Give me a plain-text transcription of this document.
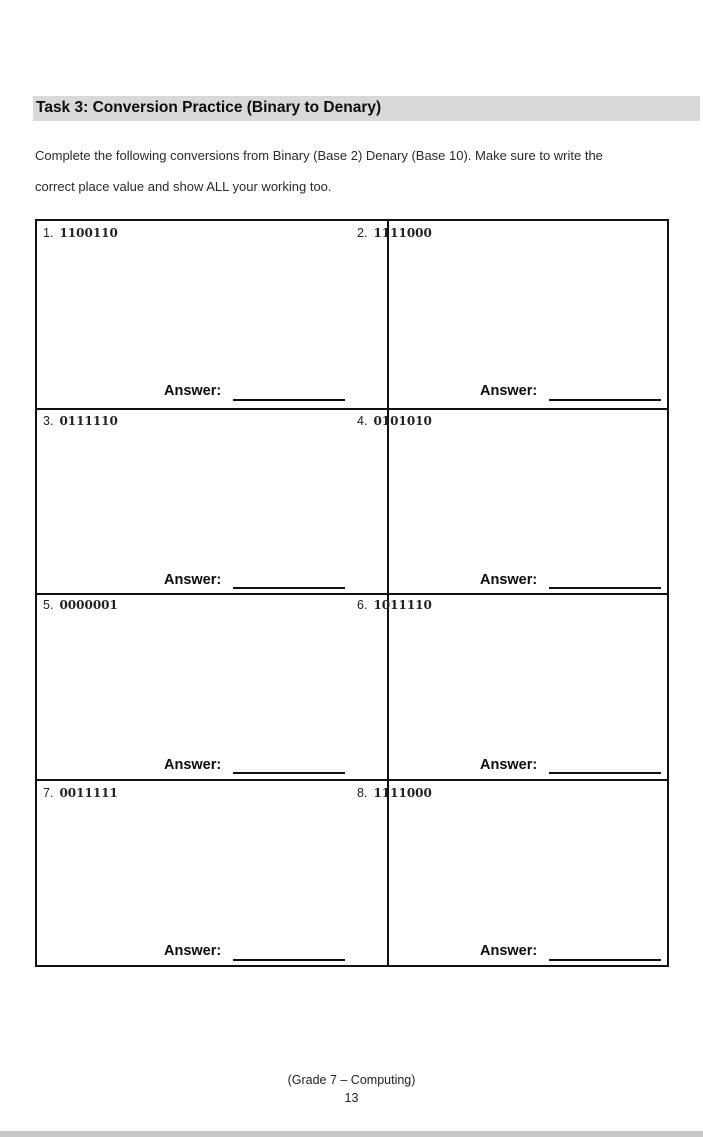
Task 3: Conversion Practice (Binary to Denary)
Complete the following conversions from Binary (Base 2) Denary (Base 10). Make sure to write the
correct place value and show ALL your working too.
1. 1100110
Answer:
2. 1111000
Answer:
3. 0111110
Answer:
4. 0101010
Answer:
5. 0000001
Answer:
6. 1011110
Answer:
7. 0011111
Answer:
8. 1111000
Answer:
(Grade 7 – Computing)
13
